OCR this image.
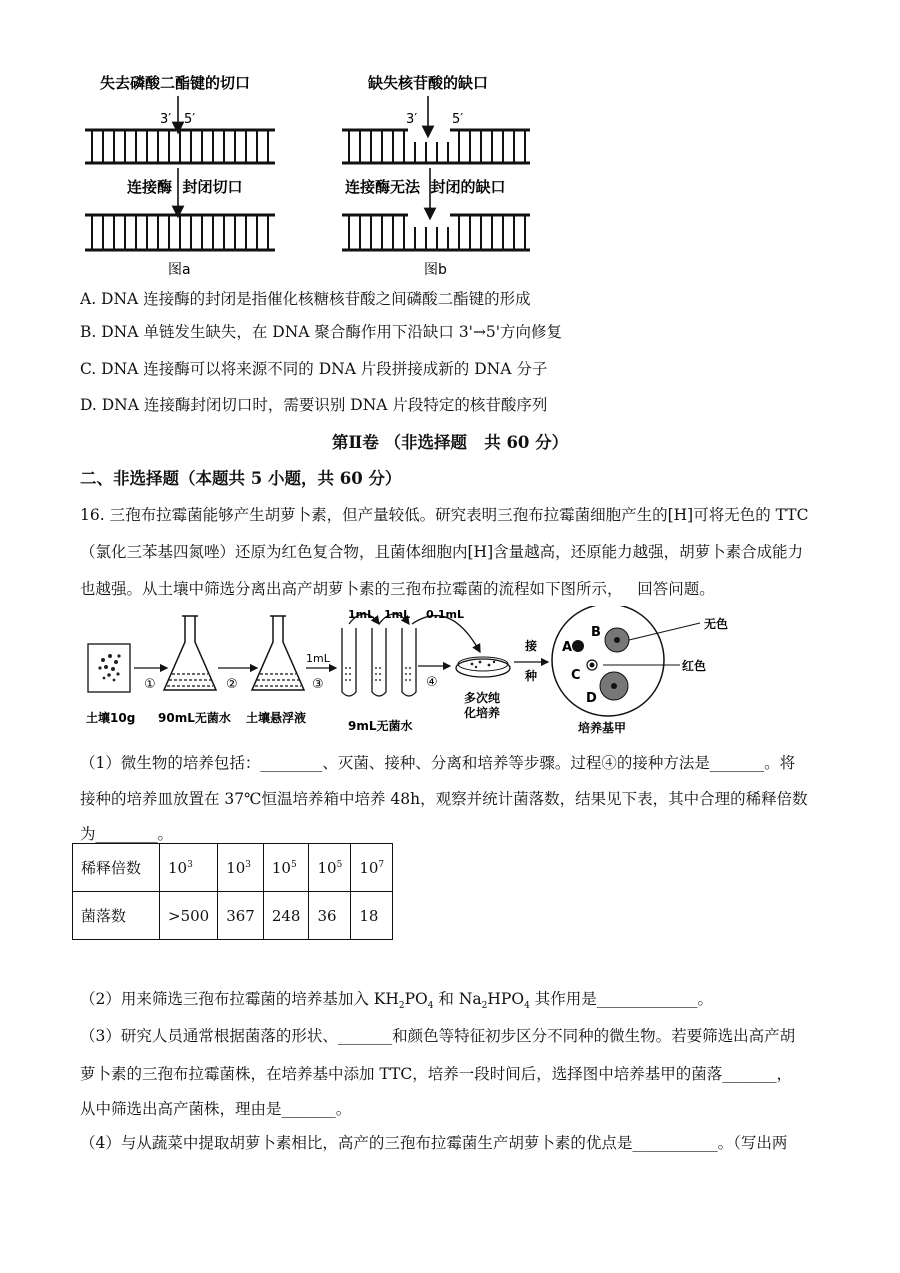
失去磷酸二酯键的切口
3′ 5′
连接酶  封闭切口
图a
缺失核苷酸的缺口
3′	5′
连接酶无法  封闭的缺口
图b
A. DNA 连接酶的封闭是指催化核糖核苷酸之间磷酸二酯键的形成
B. DNA 单链发生缺失，在 DNA 聚合酶作用下沿缺口 3'→5'方向修复
C. DNA 连接酶可以将来源不同的 DNA 片段拼接成新的 DNA 分子
D. DNA 连接酶封闭切口时，需要识别 DNA 片段特定的核苷酸序列
第Ⅱ卷 （非选择题   共 60 分）
二、非选择题（本题共 5 小题，共 60 分）
16. 三孢布拉霉菌能够产生胡萝卜素，但产量较低。研究表明三孢布拉霉菌细胞产生的[H]可将无色的 TTC
（氯化三苯基四氮唑）还原为红色复合物，且菌体细胞内[H]含量越高，还原能力越强，胡萝卜素合成能力
也越强。从土壤中筛选分离出高产胡萝卜素的三孢布拉霉菌的流程如下图所示，   回答问题。
土壤10g
①
90mL无菌水
②
土壤悬浮液
③
1mL
1mL 1mL 0.1mL
9mL无菌水
④
多次纯
化培养
接
种
A
B
C
D
无色
红色
培养基甲
（1）微生物的培养包括：________、灭菌、接种、分离和培养等步骤。过程④的接种方法是_______。将
接种的培养皿放置在 37℃恒温培养箱中培养 48h，观察并统计菌落数，结果见下表，其中合理的稀释倍数
为________。
稀释倍数	$10^3$	$10^3$	$10^5$	$10^5$	$10^7$
菌落数	>500	367	248	36	18
（2）用来筛选三孢布拉霉菌的培养基加入 $KH_2PO_4$ 和 $Na_2HPO_4$ 其作用是_____________。
（3）研究人员通常根据菌落的形状、_______和颜色等特征初步区分不同种的微生物。若要筛选出高产胡
萝卜素的三孢布拉霉菌株，在培养基中添加 TTC，培养一段时间后，选择图中培养基甲的菌落_______，
从中筛选出高产菌株，理由是_______。
（4）与从蔬菜中提取胡萝卜素相比，高产的三孢布拉霉菌生产胡萝卜素的优点是___________。（写出两
